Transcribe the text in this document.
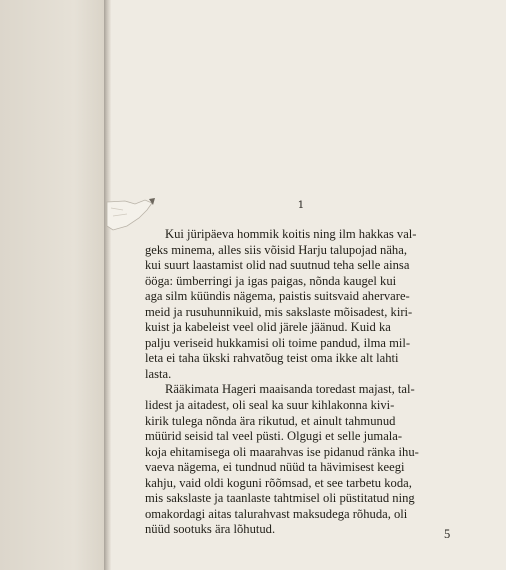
1
Kui jüripäeva hommik koitis ning ilm hakkas val-
geks minema, alles siis võisid Harju talupojad näha,
kui suurt laastamist olid nad suutnud teha selle ainsa
ööga: ümberringi ja igas paigas, nõnda kaugel kui
aga silm küündis nägema, paistis suitsvaid ahervare-
meid ja rusuhunnikuid, mis sakslaste mõisadest, kiri-
kuist ja kabeleist veel olid järele jäänud. Kuid ka
palju veriseid hukkamisi oli toime pandud, ilma mil-
leta ei taha ükski rahvatõug teist oma ikke alt lahti
lasta.
Rääkimata Hageri maaisanda toredast majast, tal-
lidest ja aitadest, oli seal ka suur kihlakonna kivi-
kirik tulega nõnda ära rikutud, et ainult tahmunud
müürid seisid tal veel püsti. Olgugi et selle jumala-
koja ehitamisega oli maarahvas ise pidanud ränka ihu-
vaeva nägema, ei tundnud nüüd ta hävimisest keegi
kahju, vaid oldi koguni rõõmsad, et see tarbetu koda,
mis sakslaste ja taanlaste tahtmisel oli püstitatud ning
omakordagi aitas talurahvast maksudega rõhuda, oli
nüüd sootuks ära lõhutud.	5
